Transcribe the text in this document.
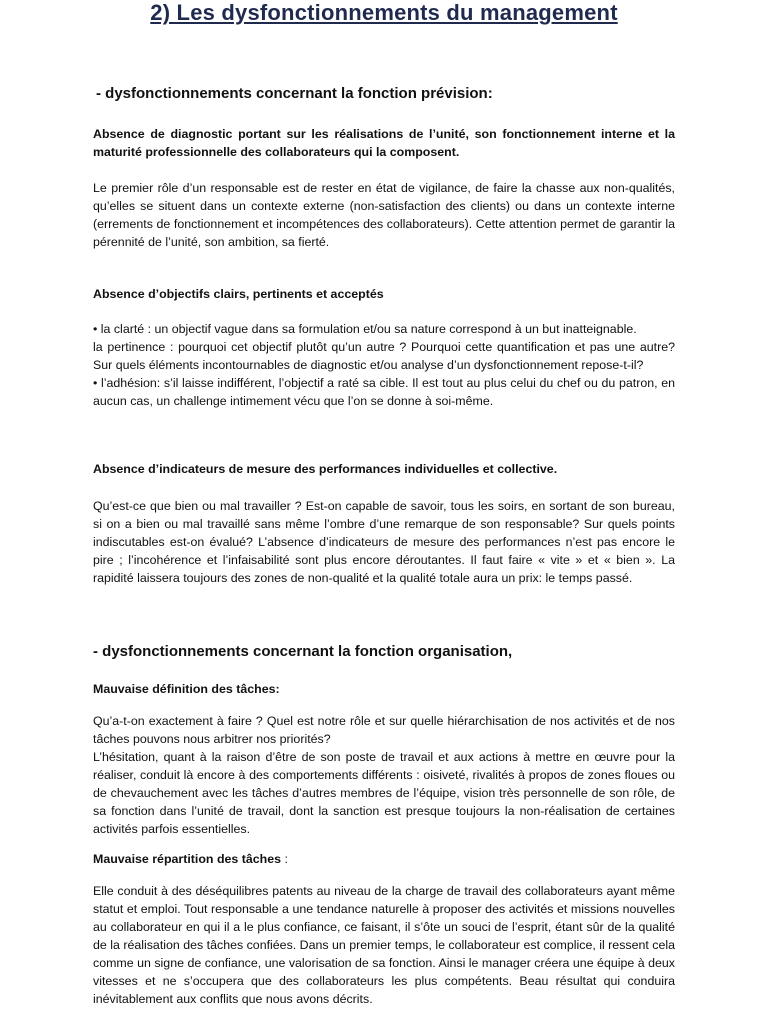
2) Les dysfonctionnements du management
- dysfonctionnements concernant la fonction prévision:
Absence de diagnostic portant sur les réalisations de l’unité, son fonctionnement interne et la maturité professionnelle des collaborateurs qui la composent.
Le premier rôle d’un responsable est de rester en état de vigilance, de faire la chasse aux non-qualités, qu’elles se situent dans un contexte externe (non-satisfaction des clients) ou dans un contexte interne (errements de fonctionnement et incompétences des collaborateurs). Cette attention permet de garantir la pérennité de l’unité, son ambition, sa fierté.
Absence d’objectifs clairs, pertinents et acceptés

• la clarté : un objectif vague dans sa formulation et/ou sa nature correspond à un but inatteignable.

la pertinence : pourquoi cet objectif plutôt qu’un autre ? Pourquoi cette quantification et pas une autre? Sur quels éléments incontournables de diagnostic et/ou analyse d’un dysfonctionnement repose-t-il?

• l’adhésion: s’il laisse indifférent, l’objectif a raté sa cible. Il est tout au plus celui du chef ou du patron, en aucun cas, un challenge intimement vécu que l’on se donne à soi-même.

Absence d’indicateurs de mesure des performances individuelles et collective.
Qu’est-ce que bien ou mal travailler ? Est-on capable de savoir, tous les soirs, en sortant de son bureau, si on a bien ou mal travaillé sans même l’ombre d’une remarque de son responsable? Sur quels points indiscutables est-on évalué? L’absence d’indicateurs de mesure des performances n’est pas encore le pire ; l’incohérence et l’infaisabilité sont plus encore déroutantes. Il faut faire « vite » et « bien ». La rapidité laissera toujours des zones de non-qualité et la qualité totale aura un prix: le temps passé.
- dysfonctionnements concernant la fonction organisation,
Mauvaise définition des tâches:

Qu’a-t-on exactement à faire ? Quel est notre rôle et sur quelle hiérarchisation de nos activités et de nos tâches pouvons nous arbitrer nos priorités?

L’hésitation, quant à la raison d’être de son poste de travail et aux actions à mettre en œuvre pour la réaliser, conduit là encore à des comportements différents : oisiveté, rivalités à propos de zones floues ou de chevauchement avec les tâches d’autres membres de l’équipe, vision très personnelle de son rôle, de sa fonction dans l’unité de travail, dont la sanction est presque toujours la non-réalisation de certaines activités parfois essentielles.

Mauvaise répartition des tâches :
Elle conduit à des déséquilibres patents au niveau de la charge de travail des collaborateurs ayant même statut et emploi. Tout responsable a une tendance naturelle à proposer des activités et missions nouvelles au collaborateur en qui il a le plus confiance, ce faisant, il s’ôte un souci de l’esprit, étant sûr de la qualité de la réalisation des tâches confiées. Dans un premier temps, le collaborateur est complice, il ressent cela comme un signe de confiance, une valorisation de sa fonction. Ainsi le manager créera une équipe à deux vitesses et ne s’occupera que des collaborateurs les plus compétents. Beau résultat qui conduira inévitablement aux conflits que nous avons décrits.
